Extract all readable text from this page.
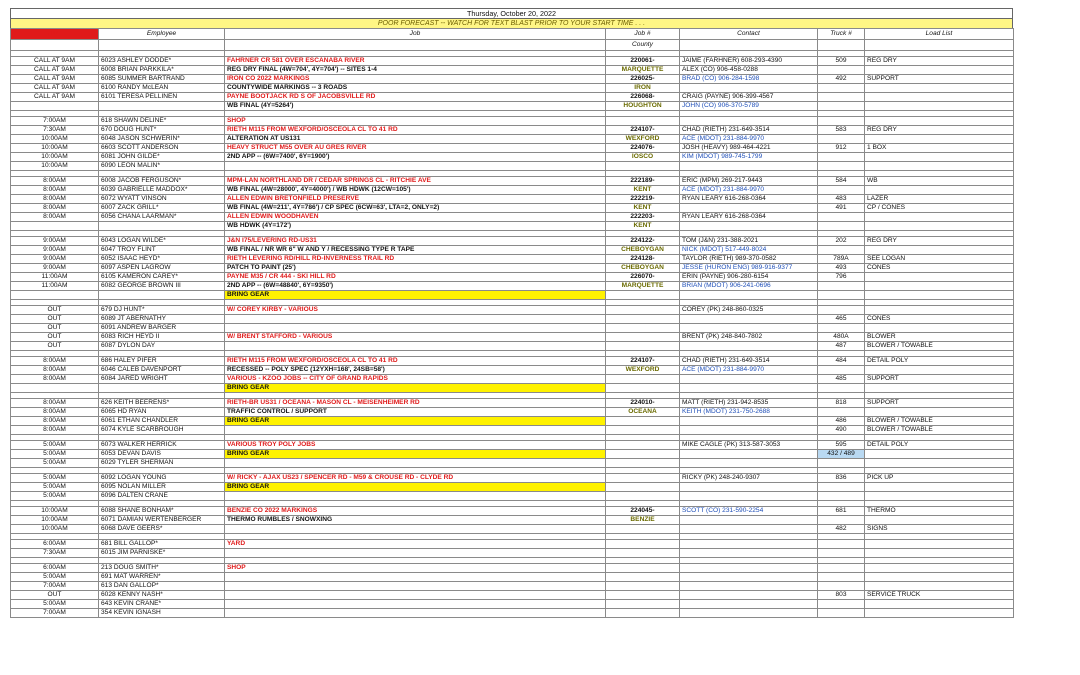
Thursday, October 20, 2022
POOR FORECAST -- WATCH FOR TEXT BLAST PRIOR TO YOUR START TIME . . .
TIME	Employee	Job	Job #	Contact	Truck #	Load List
			County			

CALL AT 9AM	6023 ASHLEY DODDE*	FAHRNER CR 581 OVER ESCANABA RIVER	220061-	JAIME (FARHNER) 608-293-4390	509	REG DRY
CALL AT 9AM	6008 BRIAN PARKKILA*	REG DRY FINAL (4W=704', 4Y=704') -- SITES 1-4	MARQUETTE	ALEX (CO) 906-458-0288		
CALL AT 9AM	6085 SUMMER BARTRAND	IRON CO 2022 MARKINGS	226025-	BRAD (CO) 906-284-1598	492	SUPPORT
CALL AT 9AM	6100 RANDY McLEAN	COUNTYWIDE MARKINGS -- 3 ROADS	IRON			
CALL AT 9AM	6101 TERESA PELLINEN	PAYNE BOOTJACK RD S OF JACOBSVILLE RD	226068-	CRAIG (PAYNE) 906-399-4567		
		WB FINAL (4Y=5264')	HOUGHTON	JOHN (CO) 906-370-5789		

7:00AM	618 SHAWN DELINE*	SHOP				
7:30AM	670 DOUG HUNT*	RIETH M115 FROM WEXFORD/OSCEOLA CL TO 41 RD	224107-	CHAD (RIETH) 231-649-3514	583	REG DRY
10:00AM	6048 JASON SCHWERIN*	ALTERATION AT US131	WEXFORD	ACE (MDOT) 231-884-9970		
10:00AM	6603 SCOTT ANDERSON	HEAVY STRUCT M55 OVER AU GRES RIVER	224076-	JOSH (HEAVY) 989-464-4221	912	1 BOX
10:00AM	6081 JOHN GILDE*	2ND APP -- (6W=7400', 6Y=1900')	IOSCO	KIM (MDOT) 989-745-1799		
10:00AM	6090 LEON MALIN*					

8:00AM	6008 JACOB FERGUSON*	MPM-LAN NORTHLAND DR / CEDAR SPRINGS CL - RITCHIE AVE	222189-	ERIC (MPM) 269-217-9443	584	WB
8:00AM	6039 GABRIELLE MADDOX*	WB FINAL (4W=28000', 4Y=4000') / WB HDWK (12CW=105')	KENT	ACE (MDOT) 231-884-9970		
8:00AM	6072 WYATT VINSON	ALLEN EDWIN BRETONFIELD PRESERVE	222219-	RYAN LEARY 616-268-0364	483	LAZER
8:00AM	6007 ZACK GRILL*	WB FINAL (4W=211', 4Y=786') / CP SPEC (6CW=63', LTA=2, ONLY=2)	KENT		491	CP / CONES
8:00AM	6056 CHANA LAARMAN*	ALLEN EDWIN WOODHAVEN	222203-	RYAN LEARY 616-268-0364		
		WB HDWK (4Y=172')	KENT			

9:00AM	6043 LOGAN WILDE*	J&N I75/LEVERING RD-US31	224122-	TOM (J&N) 231-388-2021	202	REG DRY
9:00AM	6047 TROY FLINT	WB FINAL / NR WR 6" W AND Y / RECESSING TYPE R TAPE	CHEBOYGAN	NICK (MDOT) 517-449-8024		
9:00AM	6052 ISAAC HEYD*	RIETH LEVERING RD/HILL RD-INVERNESS TRAIL RD	224128-	TAYLOR (RIETH) 989-370-0582	789A	SEE LOGAN
9:00AM	6097 ASPEN LAGROW	PATCH TO PAINT (25')	CHEBOYGAN	JESSE (HURON ENG) 989-916-9377	493	CONES
11:00AM	6105 KAMERON CAREY*	PAYNE M35 / CR 444 - SKI HILL RD	226070-	ERIN (PAYNE) 906-280-6154	796	
11:00AM	6082 GEORGE BROWN III	2ND APP -- (6W=48840', 6Y=9350')	MARQUETTE	BRIAN (MDOT) 906-241-0696		
		BRING GEAR				

OUT	679 DJ HUNT*	W/ COREY KIRBY - VARIOUS		COREY (PK) 248-860-0325		
OUT	6089 JT ABERNATHY				465	CONES
OUT	6091 ANDREW BARGER					
OUT	6083 RICH HEYD II	W/ BRENT STAFFORD - VARIOUS		BRENT (PK) 248-840-7802	480A	BLOWER
OUT	6087 DYLON DAY				487	BLOWER / TOWABLE

8:00AM	686 HALEY PIFER	RIETH M115 FROM WEXFORD/OSCEOLA CL TO 41 RD	224107-	CHAD (RIETH) 231-649-3514	484	DETAIL POLY
8:00AM	6046 CALEB DAVENPORT	RECESSED -- POLY SPEC (12YXH=168', 24SB=58')	WEXFORD	ACE (MDOT) 231-884-9970		
8:00AM	6084 JARED WRIGHT	VARIOUS - KZOO JOBS -- CITY OF GRAND RAPIDS			485	SUPPORT
		BRING GEAR				

8:00AM	626 KEITH BEERENS*	RIETH-BR US31 / OCEANA - MASON CL - MEISENHEIMER RD	224010-	MATT (RIETH) 231-942-8535	818	SUPPORT
8:00AM	6065 HD RYAN	TRAFFIC CONTROL / SUPPORT	OCEANA	KEITH (MDOT) 231-750-2688		
8:00AM	6061 ETHAN CHANDLER	BRING GEAR			486	BLOWER / TOWABLE
8:00AM	6074 KYLE SCARBROUGH				490	BLOWER / TOWABLE

5:00AM	6073 WALKER HERRICK	VARIOUS TROY POLY JOBS		MIKE CAGLE (PK) 313-587-3053	595	DETAIL POLY
5:00AM	6053 DEVAN DAVIS	BRING GEAR			432 / 489	
5:00AM	6029 TYLER SHERMAN					

5:00AM	6092 LOGAN YOUNG	W/ RICKY - AJAX US23 / SPENCER RD - M59 & CROUSE RD - CLYDE RD		RICKY (PK) 248-240-9307	836	PICK UP
5:00AM	6095 NOLAN MILLER	BRING GEAR				
5:00AM	6096 DALTEN CRANE					

10:00AM	6088 SHANE BONHAM*	BENZIE CO 2022 MARKINGS	224045-	SCOTT (CO) 231-590-2254	681	THERMO
10:00AM	6071 DAMIAN WERTENBERGER	THERMO RUMBLES / SNOWXING	BENZIE			
10:00AM	6068 DAVE GEERS*				482	SIGNS

6:00AM	681 BILL GALLOP*	YARD				
7:30AM	6015 JIM PARNISKE*					

6:00AM	213 DOUG SMITH*	SHOP				
5:00AM	691 MAT WARREN*					
7:00AM	613 DAN GALLOP*					
OUT	6028 KENNY NASH*				803	SERVICE TRUCK
5:00AM	643 KEVIN CRANE*					
7:00AM	354 KEVIN IGNASH					
